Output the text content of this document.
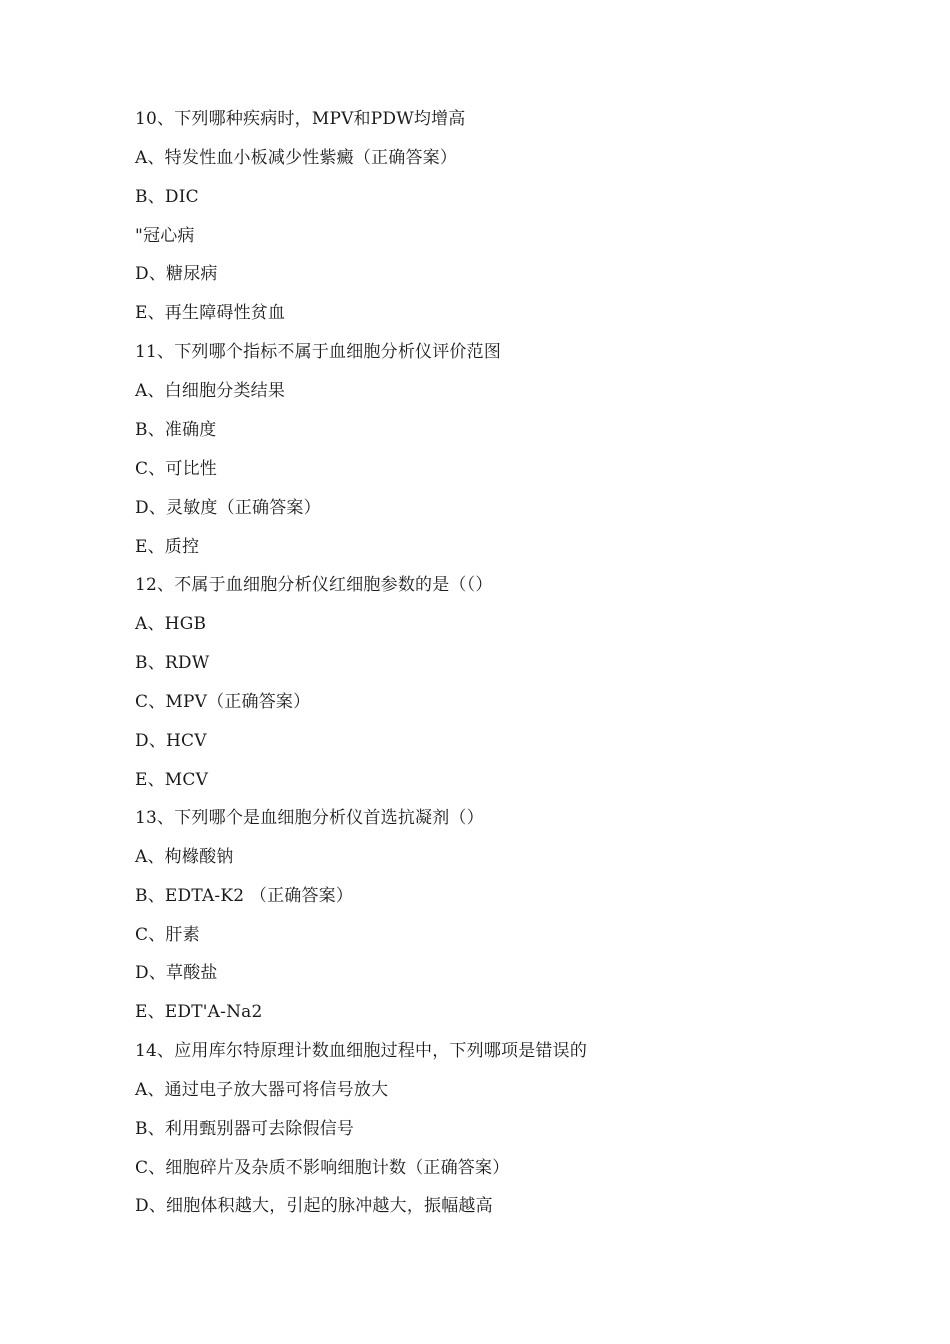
10、下列哪种疾病时，MPV和PDW均增高
A、特发性血小板减少性紫癜（正确答案）
B、DIC
"冠心病
D、糖尿病
E、再生障碍性贫血
11、下列哪个指标不属于血细胞分析仪评价范图
A、白细胞分类结果
B、准确度
C、可比性
D、灵敏度（正确答案）
E、质控
12、不属于血细胞分析仪红细胞参数的是（（）
A、HGB
B、RDW
C、MPV（正确答案）
D、HCV
E、MCV
13、下列哪个是血细胞分析仪首选抗凝剂（）
A、枸橼酸钠
B、EDTA-K2 （正确答案）
C、肝素
D、草酸盐
E、EDT'A-Na2
14、应用库尔特原理计数血细胞过程中，下列哪项是错误的
A、通过电子放大器可将信号放大
B、利用甄别器可去除假信号
C、细胞碎片及杂质不影响细胞计数（正确答案）
D、细胞体积越大，引起的脉冲越大，振幅越高
